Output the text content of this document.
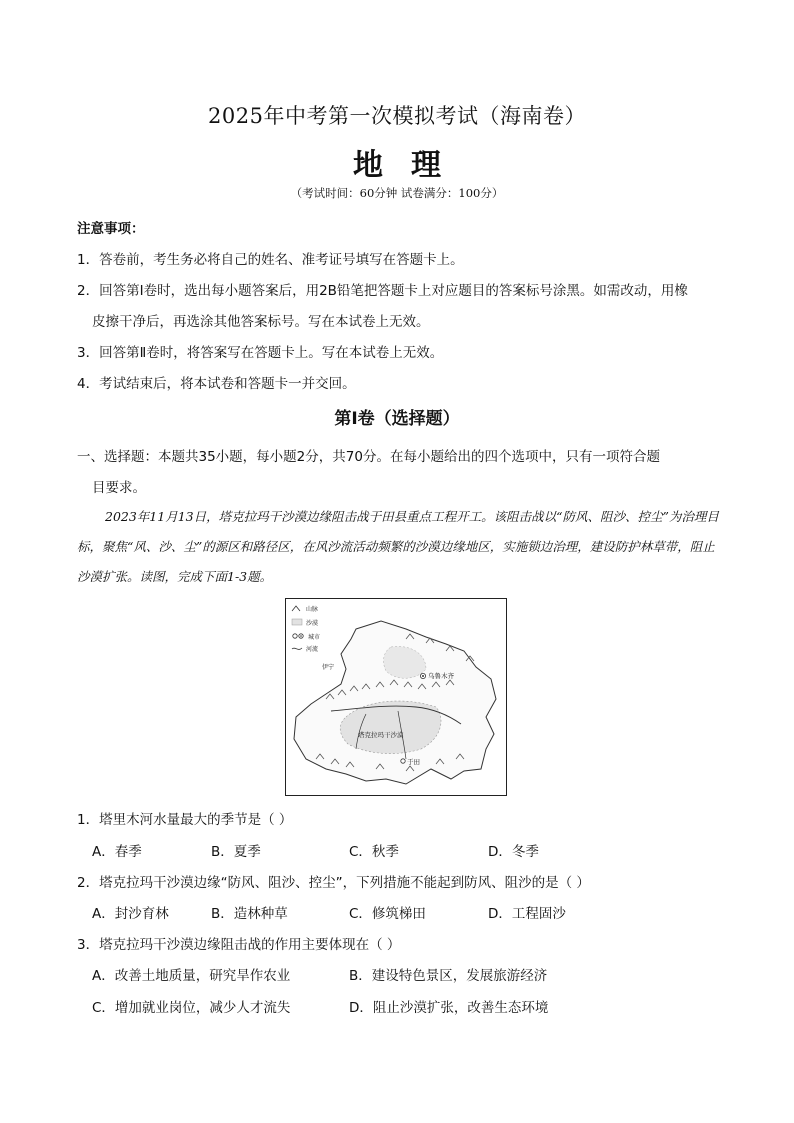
2025年中考第一次模拟考试（海南卷）
地理
（考试时间：60分钟 试卷满分：100分）
注意事项：
1．答卷前，考生务必将自己的姓名、准考证号填写在答题卡上。
2．回答第Ⅰ卷时，选出每小题答案后，用2B铅笔把答题卡上对应题目的答案标号涂黑。如需改动，用橡
皮擦干净后，再选涂其他答案标号。写在本试卷上无效。
3．回答第Ⅱ卷时，将答案写在答题卡上。写在本试卷上无效。
4．考试结束后，将本试卷和答题卡一并交回。
第Ⅰ卷（选择题）
一、选择题：本题共35小题，每小题2分，共70分。在每小题给出的四个选项中，只有一项符合题
目要求。
2023年11月13日，塔克拉玛干沙漠边缘阻击战于田县重点工程开工。该阻击战以“防风、阻沙、控尘”为治理目标，聚焦“风、沙、尘”的源区和路径区，在风沙流活动频繁的沙漠边缘地区，实施锁边治理，建设防护林草带，阻止沙漠扩张。读图，完成下面1-3题。
山脉
沙漠
城市
河流
乌鲁木齐
塔克拉玛干沙漠
于田
伊宁
1．塔里木河水量最大的季节是（ ）
A．春季	B．夏季	C．秋季	D．冬季
2．塔克拉玛干沙漠边缘“防风、阻沙、控尘”，下列措施不能起到防风、阻沙的是（ ）
A．封沙育林	B．造林种草	C．修筑梯田	D．工程固沙
3．塔克拉玛干沙漠边缘阻击战的作用主要体现在（ ）
A．改善土地质量，研究旱作农业	B．建设特色景区，发展旅游经济
C．增加就业岗位，减少人才流失	D．阻止沙漠扩张，改善生态环境
